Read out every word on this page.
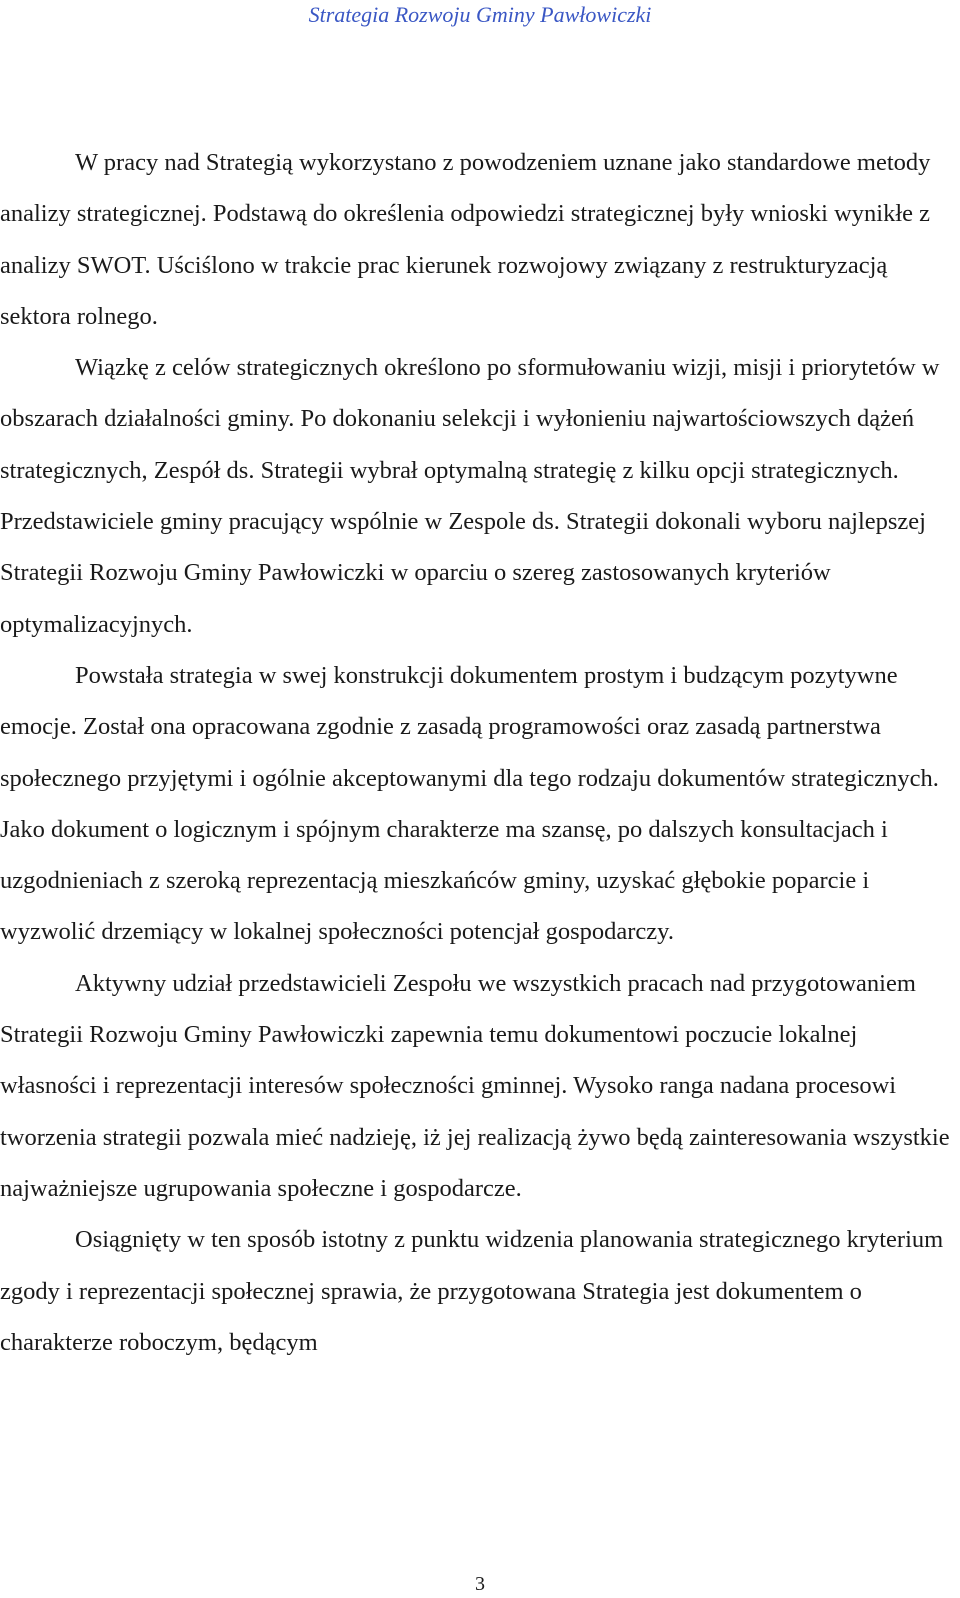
Strategia Rozwoju Gminy Pawłowiczki

W pracy nad Strategią wykorzystano z powodzeniem uznane jako standardowe metody analizy strategicznej. Podstawą do określenia odpowiedzi strategicznej były wnioski wynikłe z analizy SWOT. Uściślono w trakcie prac kierunek rozwojowy związany z restrukturyzacją sektora rolnego.

Wiązkę z celów strategicznych określono po sformułowaniu wizji, misji i priorytetów w obszarach działalności gminy. Po dokonaniu selekcji i wyłonieniu najwartościowszych dążeń strategicznych, Zespół ds. Strategii wybrał optymalną strategię z kilku opcji strategicznych. Przedstawiciele gminy pracujący wspólnie w Zespole ds. Strategii dokonali wyboru najlepszej Strategii Rozwoju Gminy Pawłowiczki w oparciu o szereg zastosowanych kryteriów optymalizacyjnych.

Powstała strategia w swej konstrukcji dokumentem prostym i budzącym pozytywne emocje. Został ona opracowana zgodnie z zasadą programowości oraz zasadą partnerstwa społecznego przyjętymi i ogólnie akceptowanymi dla tego rodzaju dokumentów strategicznych. Jako dokument o logicznym i spójnym charakterze ma szansę, po dalszych konsultacjach i uzgodnieniach z szeroką reprezentacją mieszkańców gminy, uzyskać głębokie poparcie i wyzwolić drzemiący w lokalnej społeczności potencjał gospodarczy.

Aktywny udział przedstawicieli Zespołu we wszystkich pracach nad przygotowaniem Strategii Rozwoju Gminy Pawłowiczki zapewnia temu dokumentowi poczucie lokalnej własności i reprezentacji interesów społeczności gminnej. Wysoko ranga nadana procesowi tworzenia strategii pozwala mieć nadzieję, iż jej realizacją żywo będą zainteresowania wszystkie najważniejsze ugrupowania społeczne i gospodarcze.

Osiągnięty w ten sposób istotny z punktu widzenia planowania strategicznego kryterium zgody i reprezentacji społecznej sprawia, że przygotowana Strategia jest dokumentem o charakterze roboczym, będącym

3
